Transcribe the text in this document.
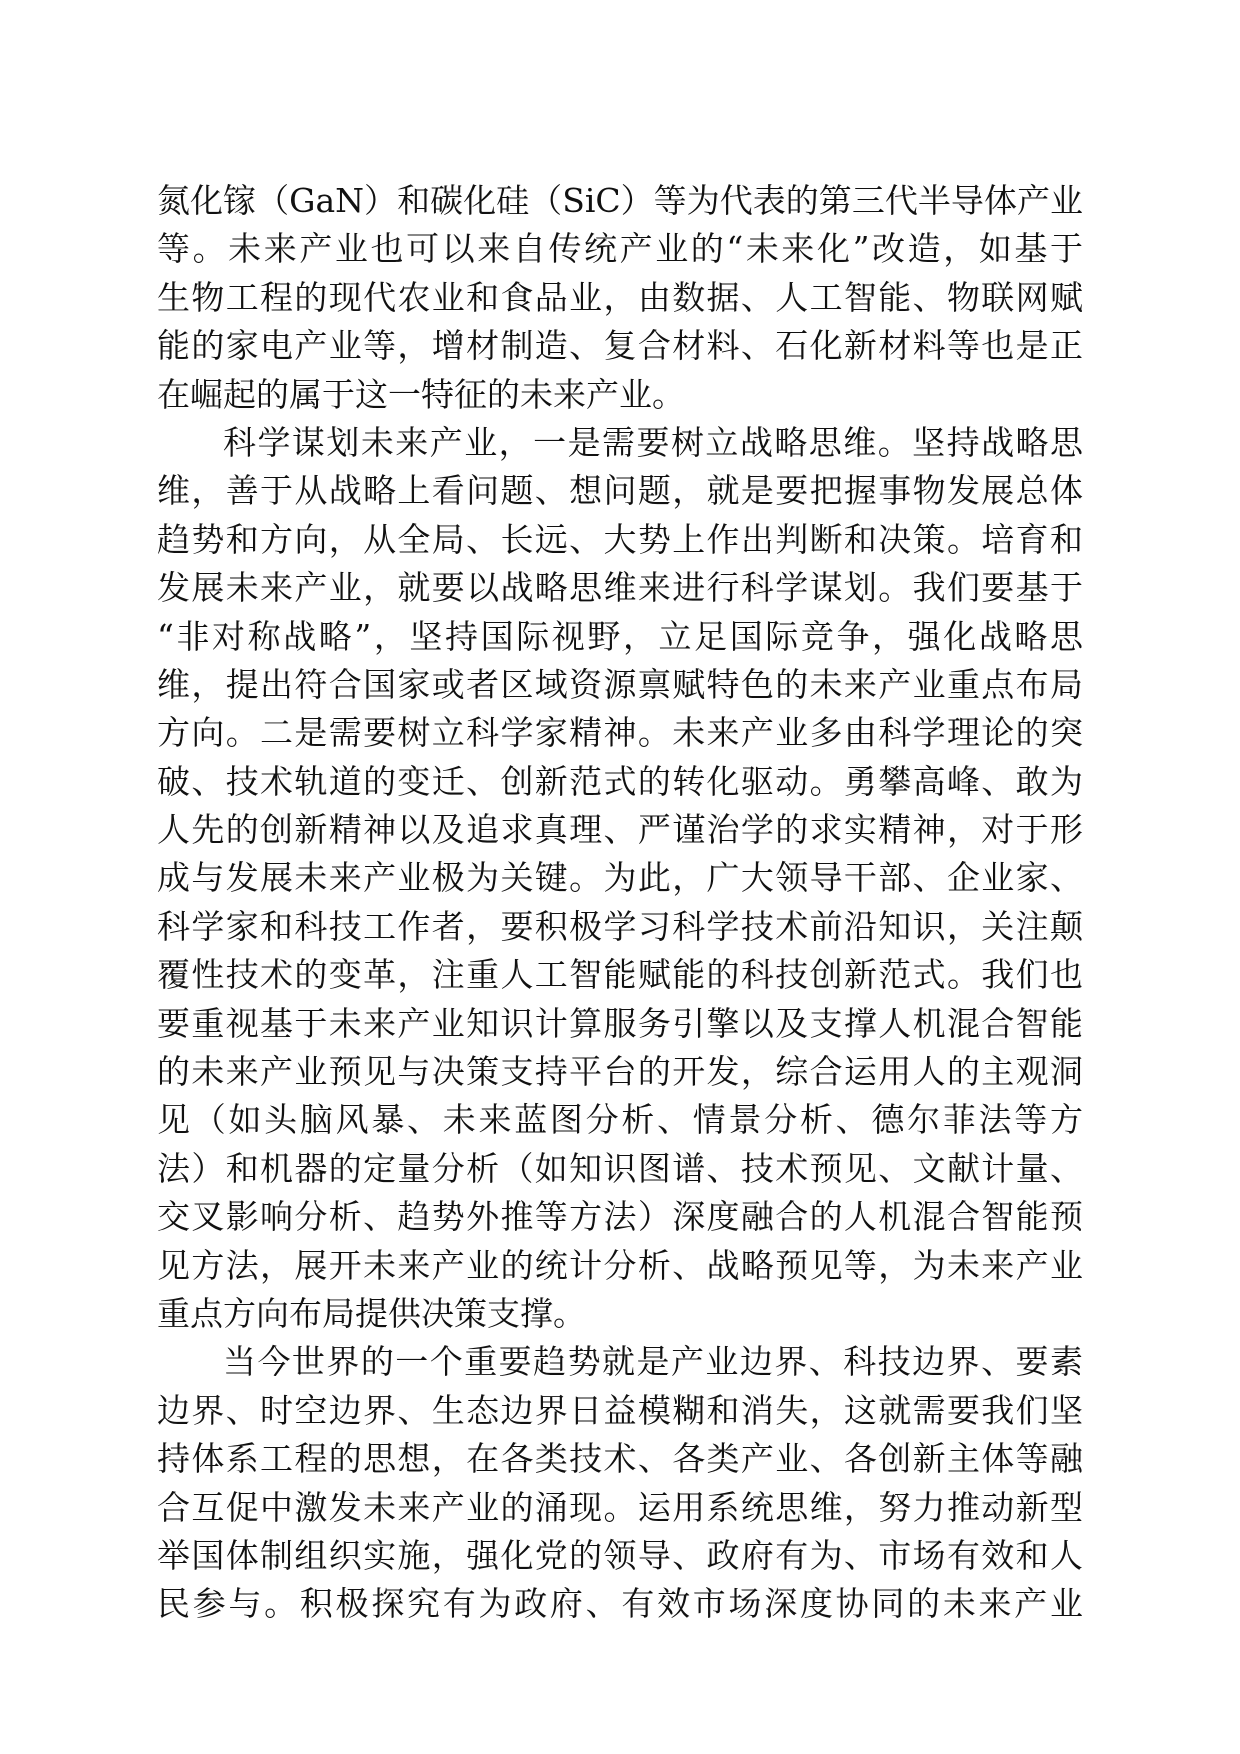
氮化镓（GaN）和碳化硅（SiC）等为代表的第三代半导体产业
等。未来产业也可以来自传统产业的“未来化”改造，如基于
生物工程的现代农业和食品业，由数据、人工智能、物联网赋
能的家电产业等，增材制造、复合材料、石化新材料等也是正
在崛起的属于这一特征的未来产业。
科学谋划未来产业，一是需要树立战略思维。坚持战略思
维，善于从战略上看问题、想问题，就是要把握事物发展总体
趋势和方向，从全局、长远、大势上作出判断和决策。培育和
发展未来产业，就要以战略思维来进行科学谋划。我们要基于
“非对称战略”，坚持国际视野，立足国际竞争，强化战略思
维，提出符合国家或者区域资源禀赋特色的未来产业重点布局
方向。二是需要树立科学家精神。未来产业多由科学理论的突
破、技术轨道的变迁、创新范式的转化驱动。勇攀高峰、敢为
人先的创新精神以及追求真理、严谨治学的求实精神，对于形
成与发展未来产业极为关键。为此，广大领导干部、企业家、
科学家和科技工作者，要积极学习科学技术前沿知识，关注颠
覆性技术的变革，注重人工智能赋能的科技创新范式。我们也
要重视基于未来产业知识计算服务引擎以及支撑人机混合智能
的未来产业预见与决策支持平台的开发，综合运用人的主观洞
见（如头脑风暴、未来蓝图分析、情景分析、德尔菲法等方
法）和机器的定量分析（如知识图谱、技术预见、文献计量、
交叉影响分析、趋势外推等方法）深度融合的人机混合智能预
见方法，展开未来产业的统计分析、战略预见等，为未来产业
重点方向布局提供决策支撑。
当今世界的一个重要趋势就是产业边界、科技边界、要素
边界、时空边界、生态边界日益模糊和消失，这就需要我们坚
持体系工程的思想，在各类技术、各类产业、各创新主体等融
合互促中激发未来产业的涌现。运用系统思维，努力推动新型
举国体制组织实施，强化党的领导、政府有为、市场有效和人
民参与。积极探究有为政府、有效市场深度协同的未来产业
